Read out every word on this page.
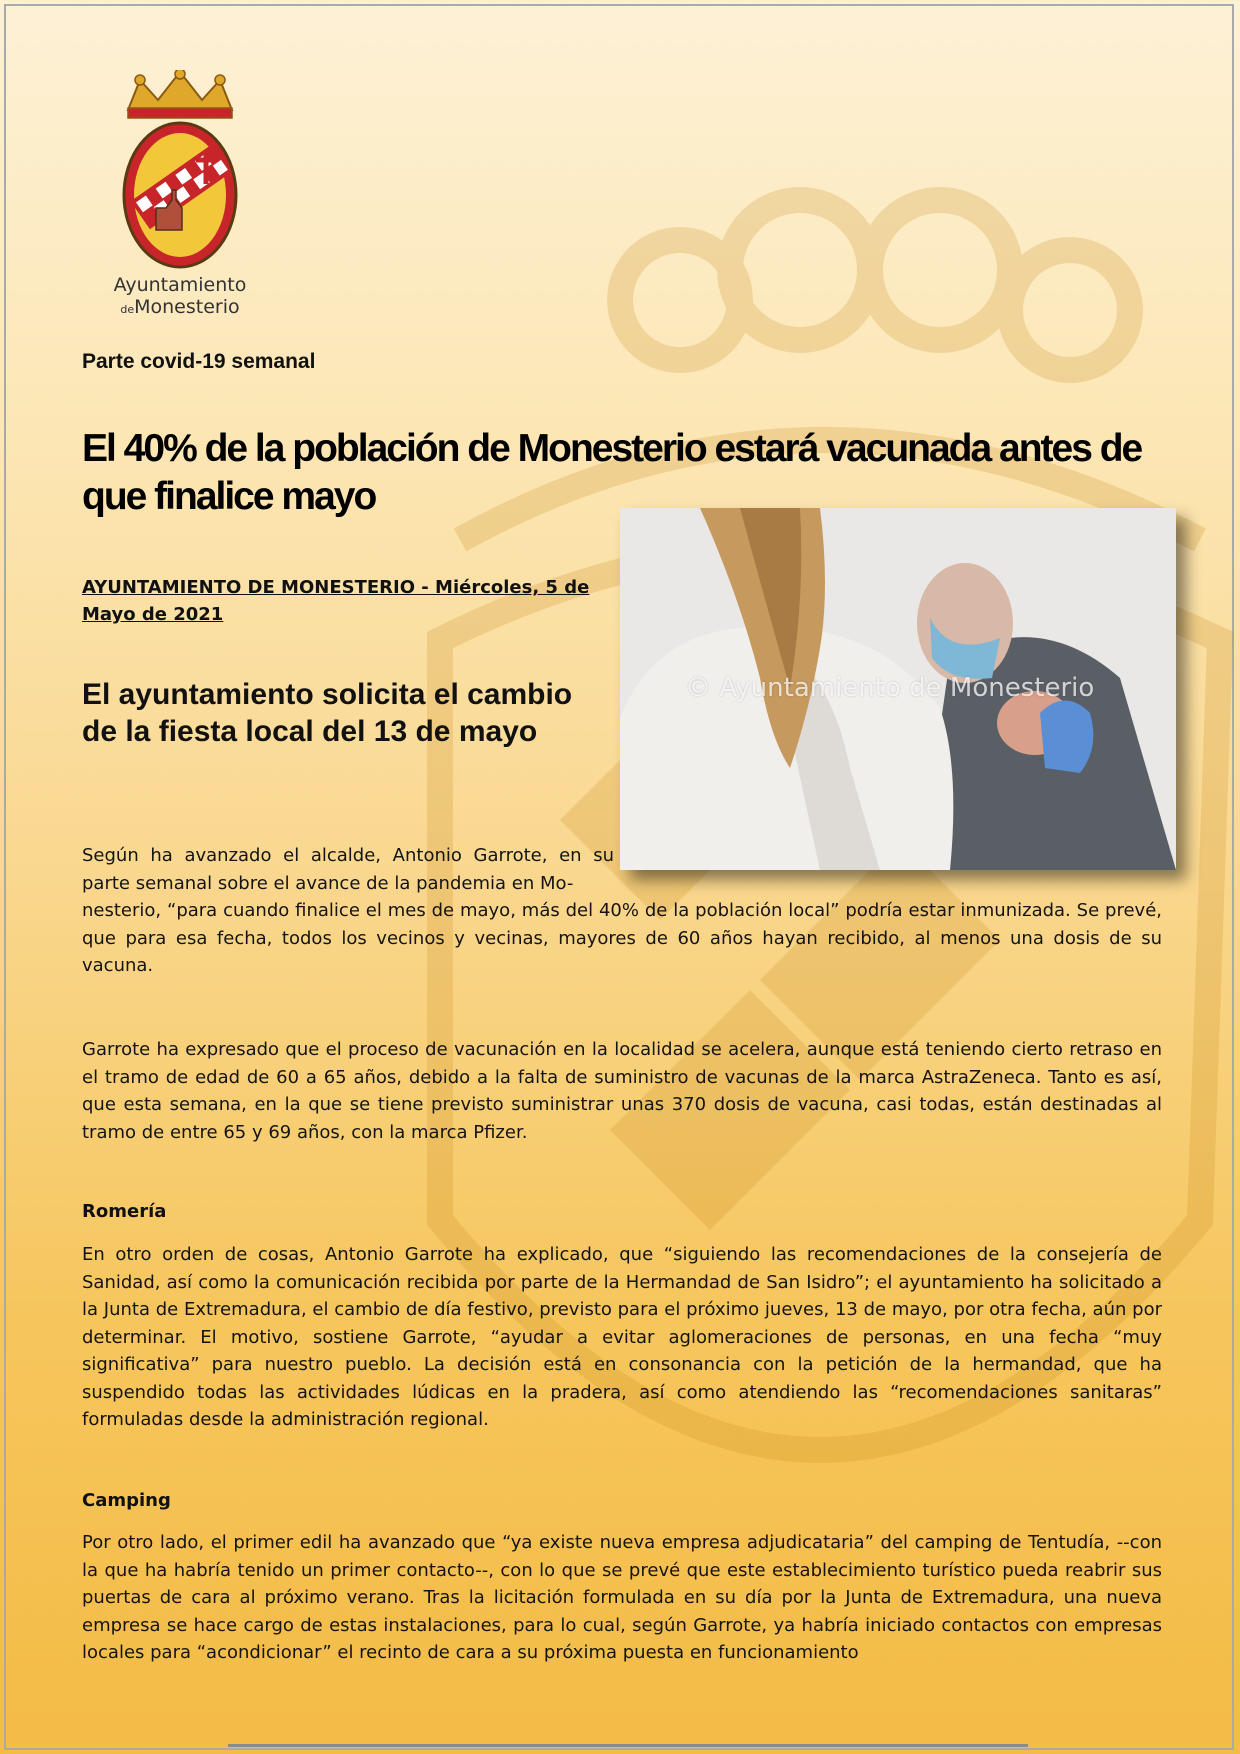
Ayuntamiento
deMonesterio
Parte covid-19 semanal
El 40% de la población de Monesterio estará vacunada antes de que finalice mayo
© Ayuntamiento de Monesterio

AYUNTAMIENTO DE MONESTERIO - Miércoles, 5 de Mayo de 2021

El ayuntamiento solicita el cambio de la fiesta local del 13 de mayo

Según ha avanzado el alcalde, Antonio Garrote, en su parte semanal sobre el avance de la pandemia en Mo-

nesterio, “para cuando finalice el mes de mayo, más del 40% de la población local” podría estar inmunizada. Se prevé, que para esa fecha, todos los vecinos y vecinas, mayores de 60 años hayan recibido, al menos una dosis de su vacuna.

Garrote ha expresado que el proceso de vacunación en la localidad se acelera, aunque está teniendo cierto retraso en el tramo de edad de 60 a 65 años, debido a la falta de suministro de vacunas de la marca AstraZeneca. Tanto es así, que esta semana, en la que se tiene previsto suministrar unas 370 dosis de vacuna, casi todas, están destinadas al tramo de entre 65 y 69 años, con la marca Pfizer.

Romería

En otro orden de cosas, Antonio Garrote ha explicado, que “siguiendo las recomendaciones de la consejería de Sanidad, así como la comunicación recibida por parte de la Hermandad de San Isidro”; el ayuntamiento ha solicitado a la Junta de Extremadura, el cambio de día festivo, previsto para el próximo jueves, 13 de mayo, por otra fecha, aún por determinar. El motivo, sostiene Garrote, “ayudar a evitar aglomeraciones de personas, en una fecha “muy significativa” para nuestro pueblo. La decisión está en consonancia con la petición de la hermandad, que ha suspendido todas las actividades lúdicas en la pradera, así como atendiendo las “recomendaciones sanitaras” formuladas desde la administración regional.

Camping

Por otro lado, el primer edil ha avanzado que “ya existe nueva empresa adjudicataria” del camping de Tentudía, --con la que ha habría tenido un primer contacto--, con lo que se prevé que este establecimiento turístico pueda reabrir sus puertas de cara al próximo verano. Tras la licitación formulada en su día por la Junta de Extremadura, una nueva empresa se hace cargo de estas instalaciones, para lo cual, según Garrote, ya habría iniciado contactos con empresas locales para “acondicionar” el recinto de cara a su próxima puesta en funcionamiento
